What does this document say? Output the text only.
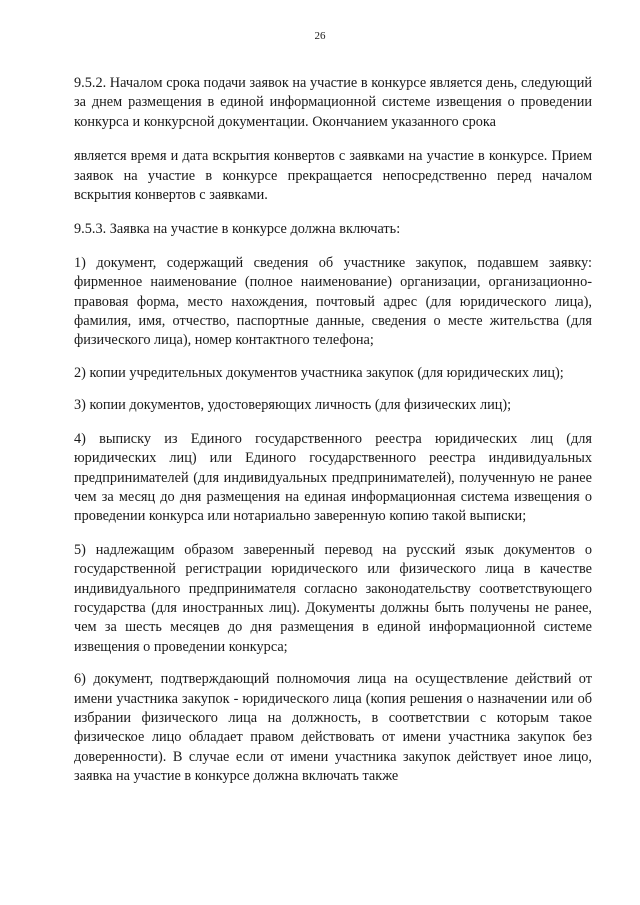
26

9.5.2. Началом срока подачи заявок на участие в конкурсе является день, следующий за днем размещения в единой информационной системе извещения о проведении конкурса и конкурсной документации. Окончанием указанного срока

является время и дата вскрытия конвертов с заявками на участие в конкурсе. Прием заявок на участие в конкурсе прекращается непосредственно перед началом вскрытия конвертов с заявками.

9.5.3. Заявка на участие в конкурсе должна включать:

1) документ, содержащий сведения об участнике закупок, подавшем заявку: фирменное наименование (полное наименование) организации, организационно-правовая форма, место нахождения, почтовый адрес (для юридического лица), фамилия, имя, отчество, паспортные данные, сведения о месте жительства (для физического лица), номер контактного телефона;

2) копии учредительных документов участника закупок (для юридических лиц);

3) копии документов, удостоверяющих личность (для физических лиц);

4) выписку из Единого государственного реестра юридических лиц (для юридических лиц) или Единого государственного реестра индивидуальных предпринимателей (для индивидуальных предпринимателей), полученную не ранее чем за месяц до дня размещения на единая информационная система извещения о проведении конкурса или нотариально заверенную копию такой выписки;

5) надлежащим образом заверенный перевод на русский язык документов о государственной регистрации юридического или физического лица в качестве индивидуального предпринимателя согласно законодательству соответствующего государства (для иностранных лиц). Документы должны быть получены не ранее, чем за шесть месяцев до дня размещения в единой информационной системе извещения о проведении конкурса;

6) документ, подтверждающий полномочия лица на осуществление действий от имени участника закупок - юридического лица (копия решения о назначении или об избрании физического лица на должность, в соответствии с которым такое физическое лицо обладает правом действовать от имени участника закупок без доверенности). В случае если от имени участника закупок действует иное лицо, заявка на участие в конкурсе должна включать также
